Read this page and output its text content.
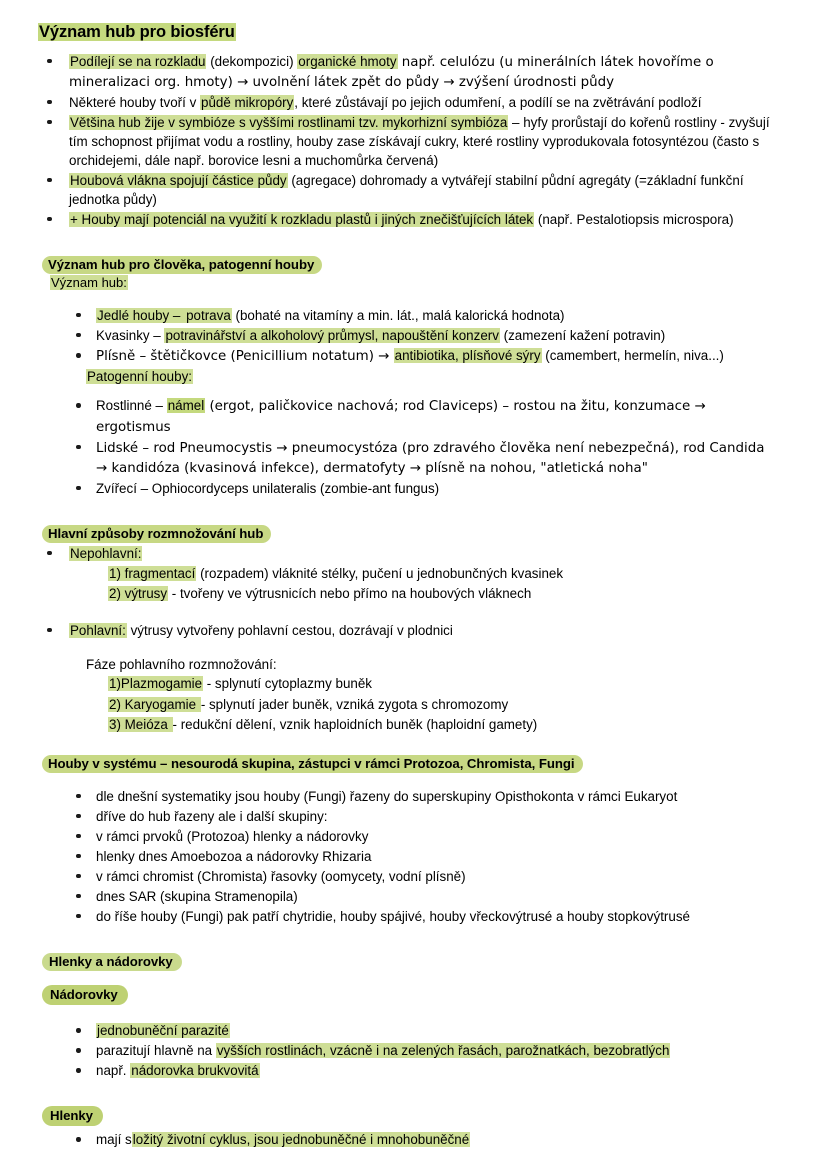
Význam hub pro biosféru
Podílejí se na rozkladu (dekompozici) organické hmoty např. celulózu (u minerálních látek hovoříme o mineralizaci org. hmoty) → uvolnění látek zpět do půdy → zvýšení úrodnosti půdy
Některé houby tvoří v půdě mikropóry, které zůstávají po jejich odumření, a podílí se na zvětrávání podloží
Většina hub žije v symbióze s vyššími rostlinami tzv. mykorhizní symbióza – hyfy prorůstají do kořenů rostliny - zvyšují tím schopnost přijímat vodu a rostliny, houby zase získávají cukry, které rostliny vyprodukovala fotosyntézou (často s orchidejemi, dále např. borovice lesni a muchomůrka červená)
Houbová vlákna spojují částice půdy (agregace) dohromady a vytvářejí stabilní půdní agregáty (=základní funkční jednotka půdy)
+ Houby mají potenciál na využití k rozkladu plastů i jiných znečišťujících látek (např. Pestalotiopsis microspora)
Význam hub pro člověka, patogenní houby
Význam hub:
Jedlé houby – potrava (bohaté na vitamíny a min. lát., malá kalorická hodnota)
Kvasinky – potravinářství a alkoholový průmysl, napouštění konzerv (zamezení kažení potravin)
Plísně – štětičkovce (Penicillium notatum) → antibiotika, plísňové sýry (camembert, hermelín, niva...)
Patogenní houby:
Rostlinné – námel (ergot, paličkovice nachová; rod Claviceps) – rostou na žitu, konzumace → ergotismus
Lidské – rod Pneumocystis → pneumocystóza (pro zdravého člověka není nebezpečná), rod Candida → kandidóza (kvasinová infekce), dermatofyty → plísně na nohou, "atletická noha"
Zvířecí – Ophiocordyceps unilateralis (zombie-ant fungus)
Hlavní způsoby rozmnožování hub
Nepohlavní:
1) fragmentací (rozpadem) vláknité stélky, pučení u jednobunčných kvasinek
2) výtrusy - tvořeny ve výtrusnicích nebo přímo na houbových vláknech
Pohlavní: výtrusy vytvořeny pohlavní cestou, dozrávají v plodnici
Fáze pohlavního rozmnožování:
1)Plazmogamie - splynutí cytoplazmy buněk
2) Karyogamie - splynutí jader buněk, vzniká zygota s chromozomy
3) Meióza - redukční dělení, vznik haploidních buněk (haploidní gamety)
Houby v systému – nesourodá skupina, zástupci v rámci Protozoa, Chromista, Fungi
dle dnešní systematiky jsou houby (Fungi) řazeny do superskupiny Opisthokonta v rámci Eukaryot
dříve do hub řazeny ale i další skupiny:
v rámci prvoků (Protozoa) hlenky a nádorovky
hlenky dnes Amoebozoa a nádorovky Rhizaria
v rámci chromist (Chromista) řasovky (oomycety, vodní plísně)
dnes SAR (skupina Stramenopila)
do říše houby (Fungi) pak patří chytridie, houby spájivé, houby vřeckovýtrusé a houby stopkovýtrusé
Hlenky a nádorovky
Nádorovky
jednobuněční parazité
parazitují hlavně na vyšších rostlinách, vzácně i na zelených řasách, parožnatkách, bezobratlých
např. nádorovka brukvovitá
Hlenky
mají složitý životní cyklus, jsou jednobuněčné i mnohobuněčné
